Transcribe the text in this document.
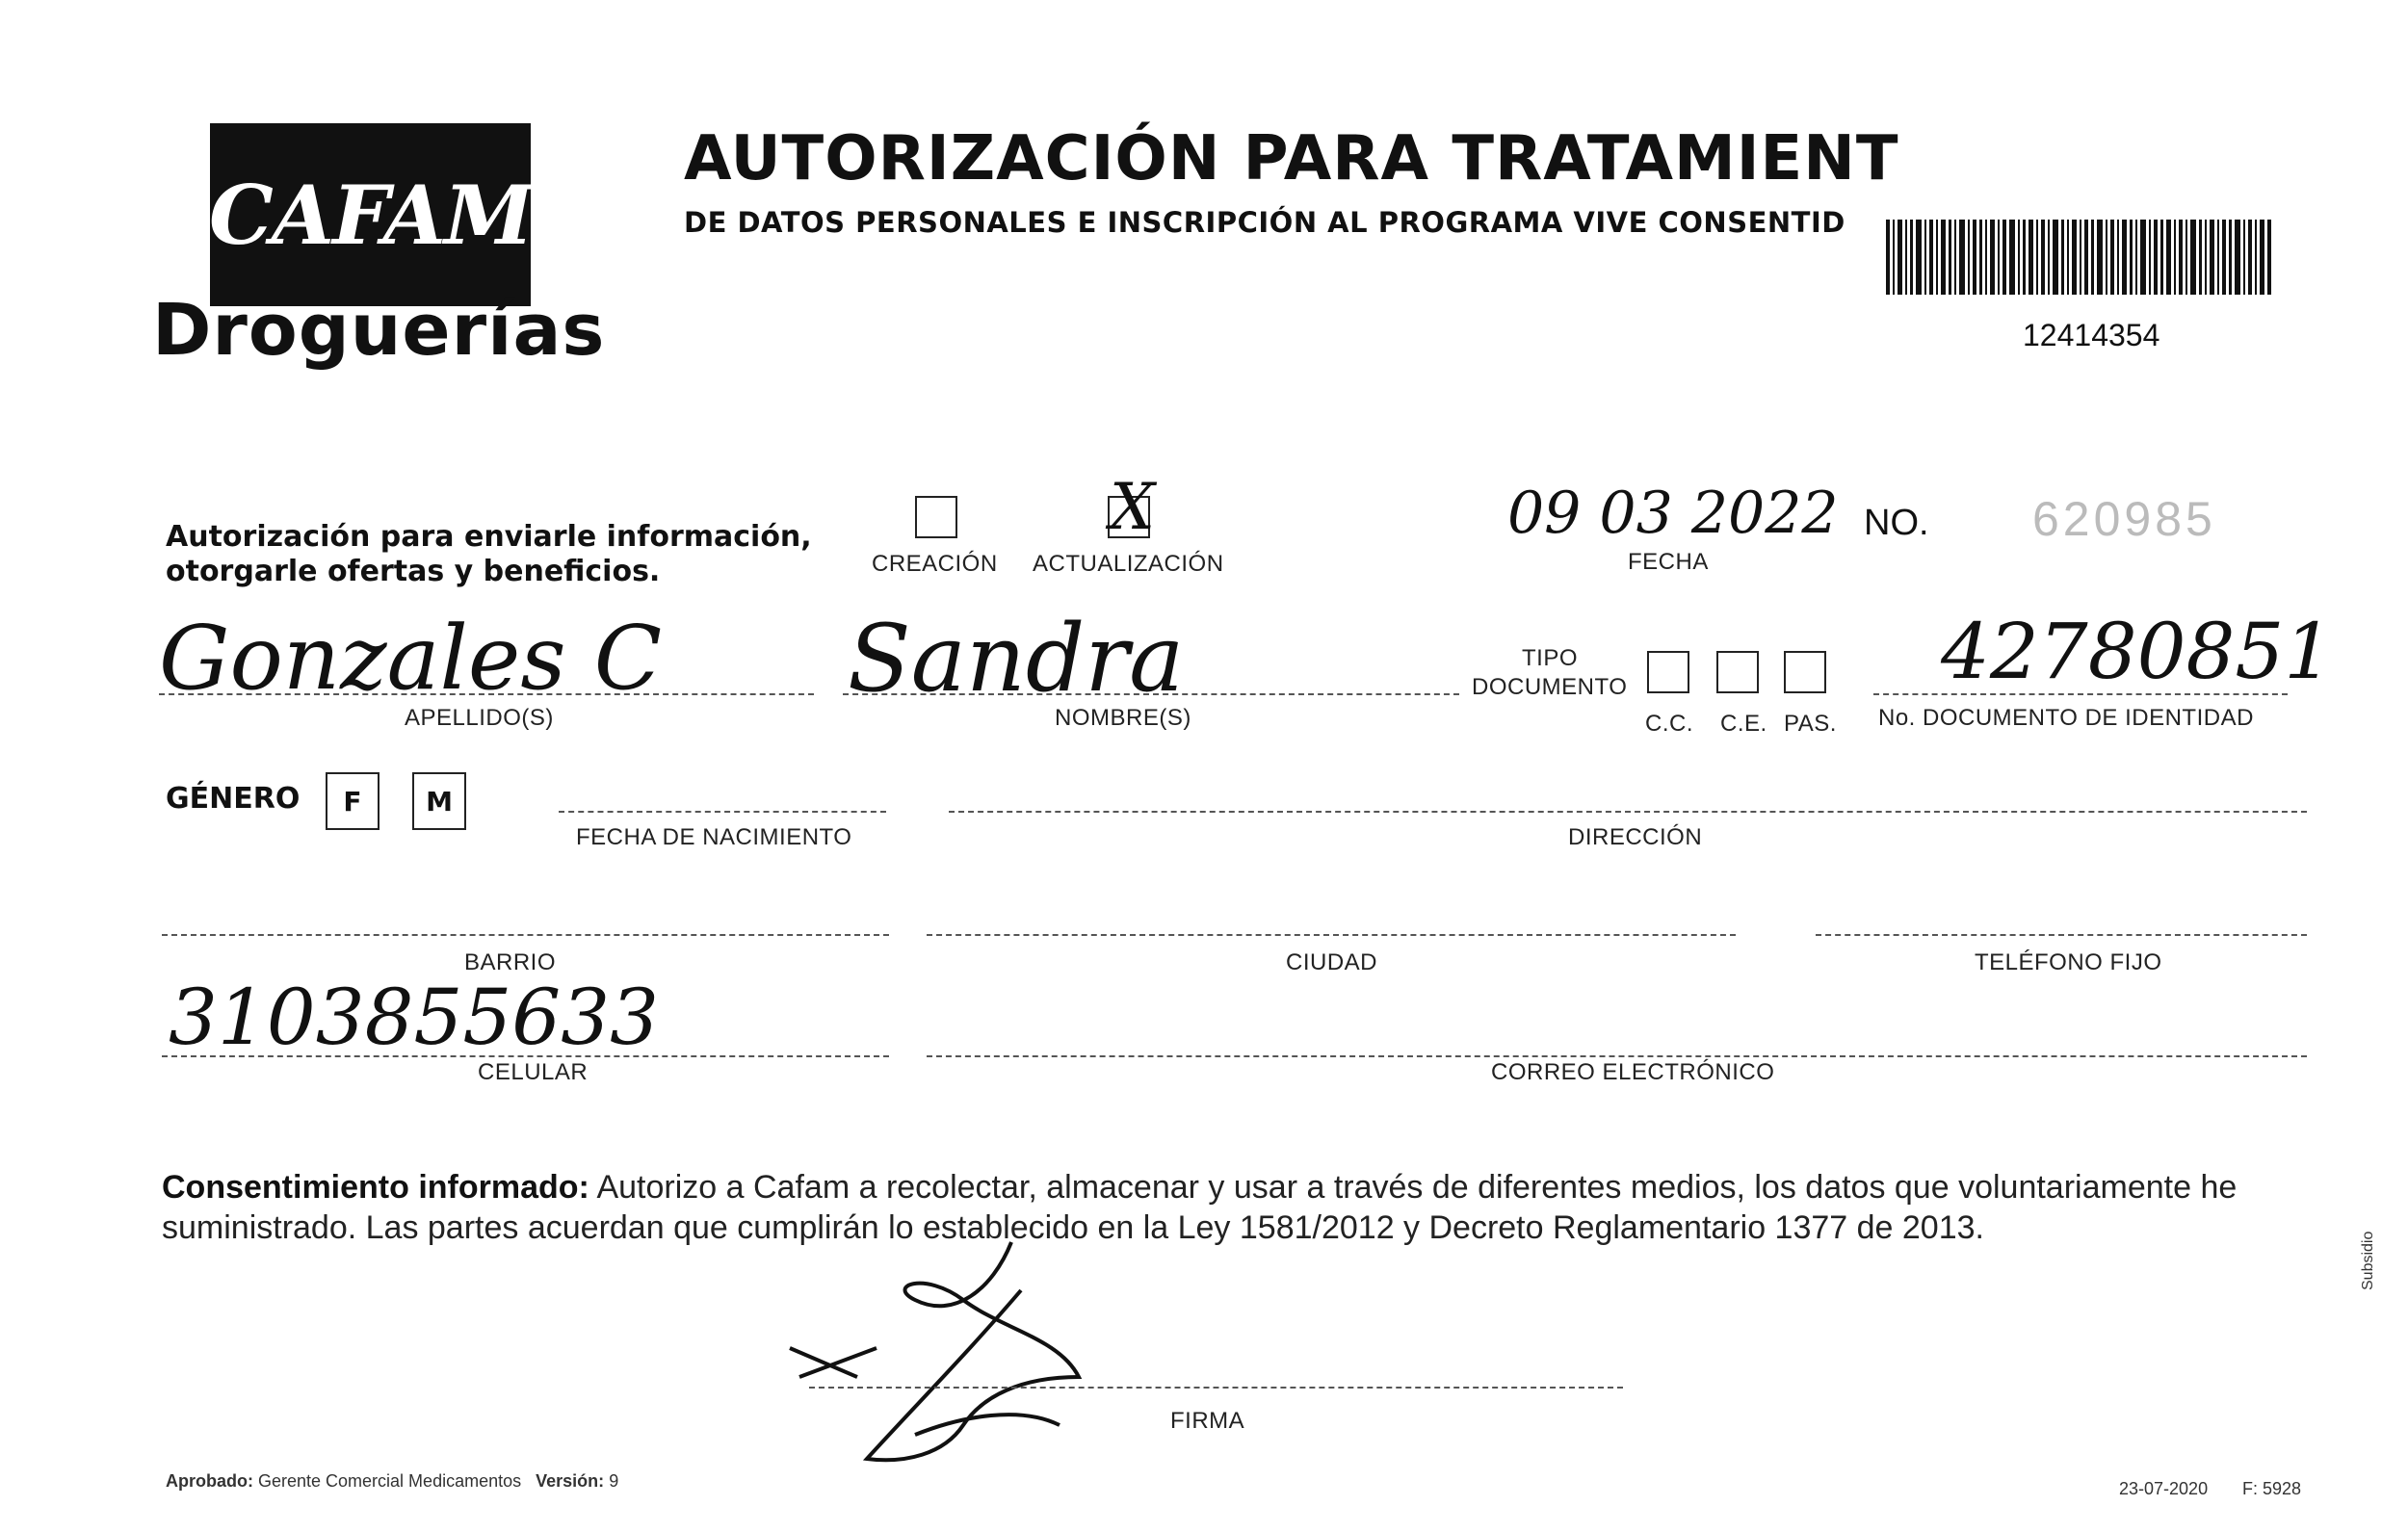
CAFAM
Droguerías
AUTORIZACIÓN PARA TRATAMIENT
DE DATOS PERSONALES E INSCRIPCIÓN AL PROGRAMA VIVE CONSENTID
12414354
Autorización para enviarle información,
otorgarle ofertas y beneficios.	CREACIÓN
X
ACTUALIZACIÓN
09 03 2022
FECHA
NO. 620985
Gonzales C
APELLIDO(S)
Sandra
NOMBRE(S)
TIPO
DOCUMENTO
C.C. C.E. PAS.
42780851
No. DOCUMENTO DE IDENTIDAD
GÉNERO	F	M
FECHA DE NACIMIENTO	DIRECCIÓN
BARRIO	CIUDAD	TELÉFONO FIJO
3103855633
CELULAR	CORREO ELECTRÓNICO
Consentimiento informado: Autorizo a Cafam a recolectar, almacenar y usar a través de diferentes medios, los datos que voluntariamente he suministrado. Las partes acuerdan que cumplirán lo establecido en la Ley 1581/2012 y Decreto Reglamentario 1377 de 2013.
FIRMA
Aprobado: Gerente Comercial Medicamentos Versión: 9	23-07-2020 F: 5928
Subsidio
